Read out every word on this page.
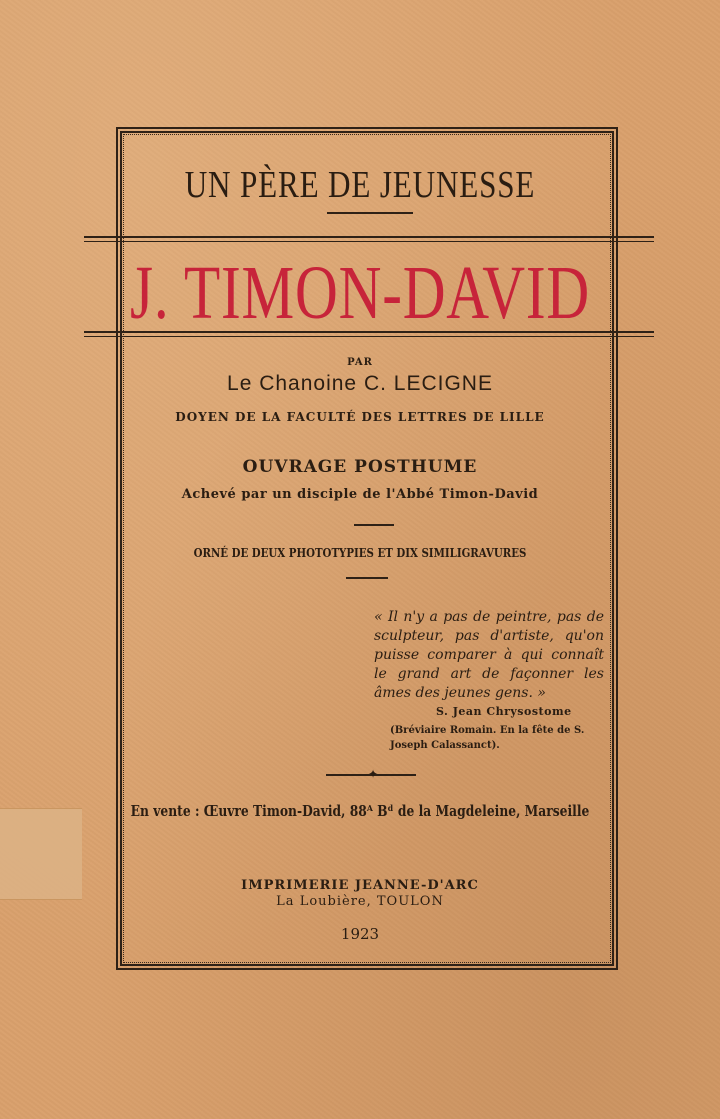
UN PÈRE DE JEUNESSE
J. TIMON-DAVID
PAR
Le Chanoine C. LECIGNE
DOYEN DE LA FACULTÉ DES LETTRES DE LILLE
OUVRAGE POSTHUME
Achevé par un disciple de l'Abbé Timon-David
ORNÉ DE DEUX PHOTOTYPIES ET DIX SIMILIGRAVURES
« Il n'y a pas de peintre, pas de sculpteur, pas d'artiste, qu'on puisse comparer à qui connaît le grand art de façonner les âmes des jeunes gens. »
S. Jean Chrysostome
(Bréviaire Romain. En la fête de S. Joseph Calassanct).
✦
En vente : Œuvre Timon-David, 88ᴬ Bᵈ de la Magdeleine, Marseille
IMPRIMERIE JEANNE-D'ARC
La Loubière, TOULON
1923
